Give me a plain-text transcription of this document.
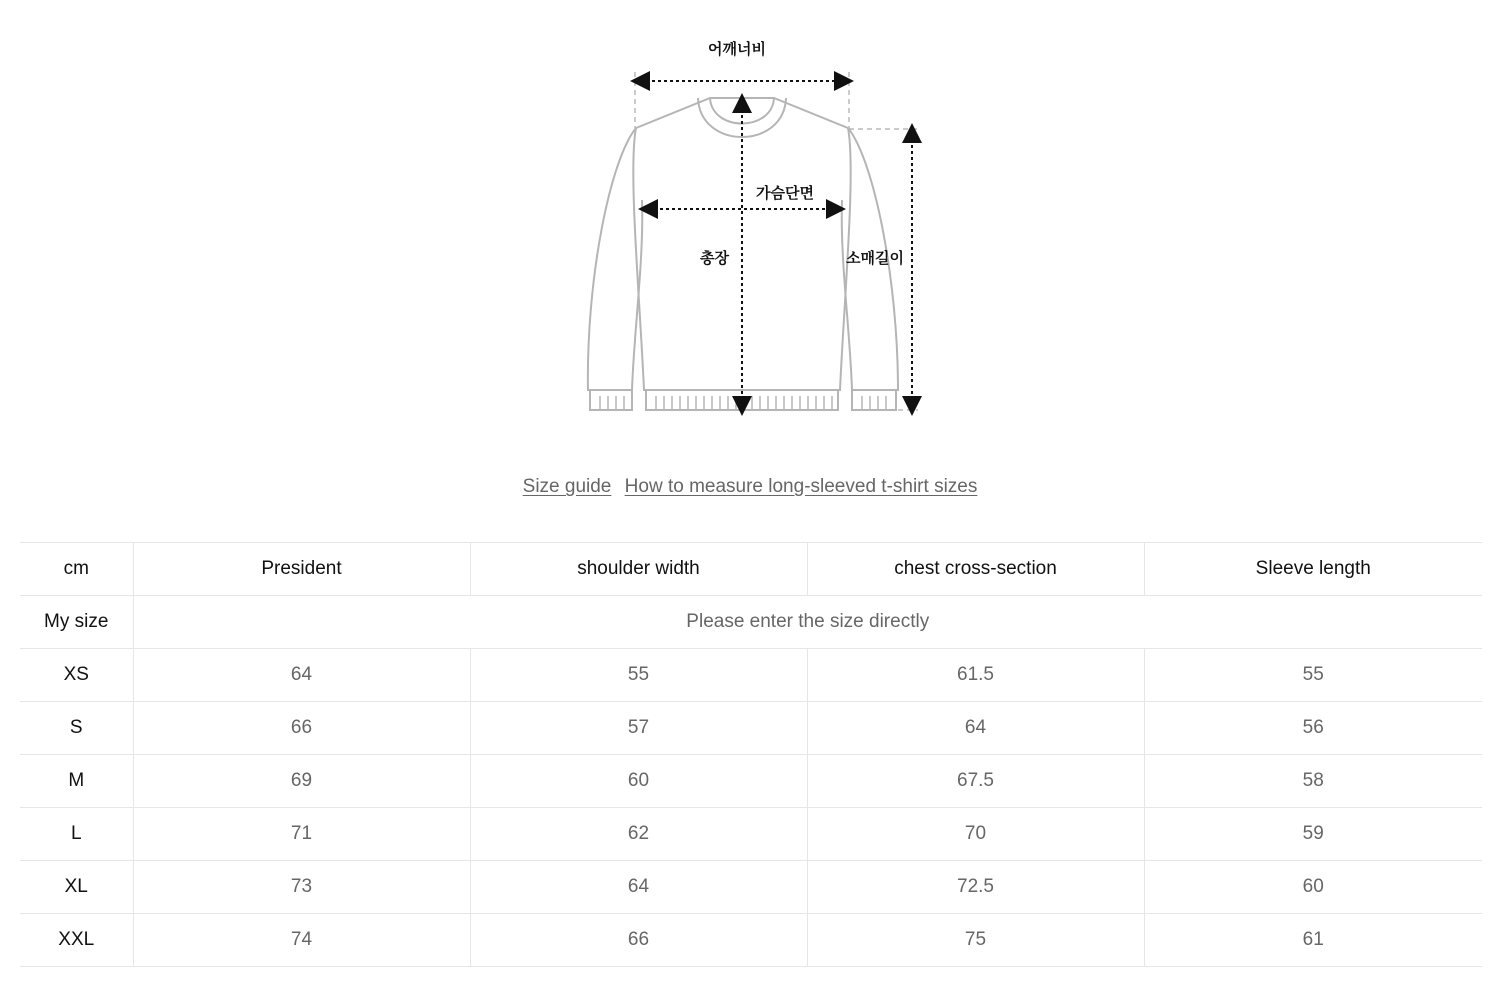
어깨너비
가슴단면
총장	소매길이
Size guide How to measure long-sleeved t-shirt sizes
cm	President	shoulder width	chest cross-section	Sleeve length
My size	Please enter the size directly			
XS	64	55	61.5	55
S	66	57	64	56
M	69	60	67.5	58
L	71	62	70	59
XL	73	64	72.5	60
XXL	74	66	75	61
